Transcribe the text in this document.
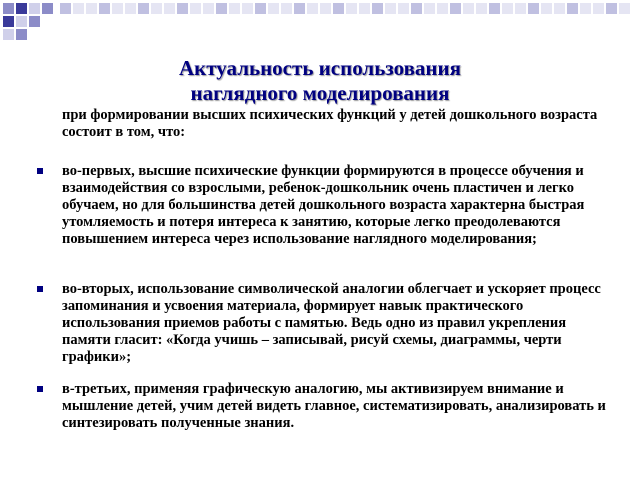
Актуальность использования
наглядного моделирования
при формировании высших психических функций у детей дошкольного возраста состоит в том, что:
во-первых, высшие психические функции формируются в процессе обучения и взаимодействия со взрослыми, ребенок-дошкольник очень пластичен и легко обучаем, но для большинства детей дошкольного возраста характерна быстрая утомляемость и потеря интереса к занятию, которые легко преодолеваются повышением интереса через использование наглядного моделирования;
во-вторых, использование символической аналогии облегчает и ускоряет процесс запоминания и усвоения материала, формирует навык практического использования приемов работы с памятью. Ведь одно из правил укрепления памяти гласит: «Когда учишь – записывай, рисуй схемы, диаграммы, черти графики»;
в-третьих, применяя графическую аналогию, мы активизируем внимание и мышление детей, учим детей видеть главное, систематизировать, анализировать и синтезировать полученные знания.
